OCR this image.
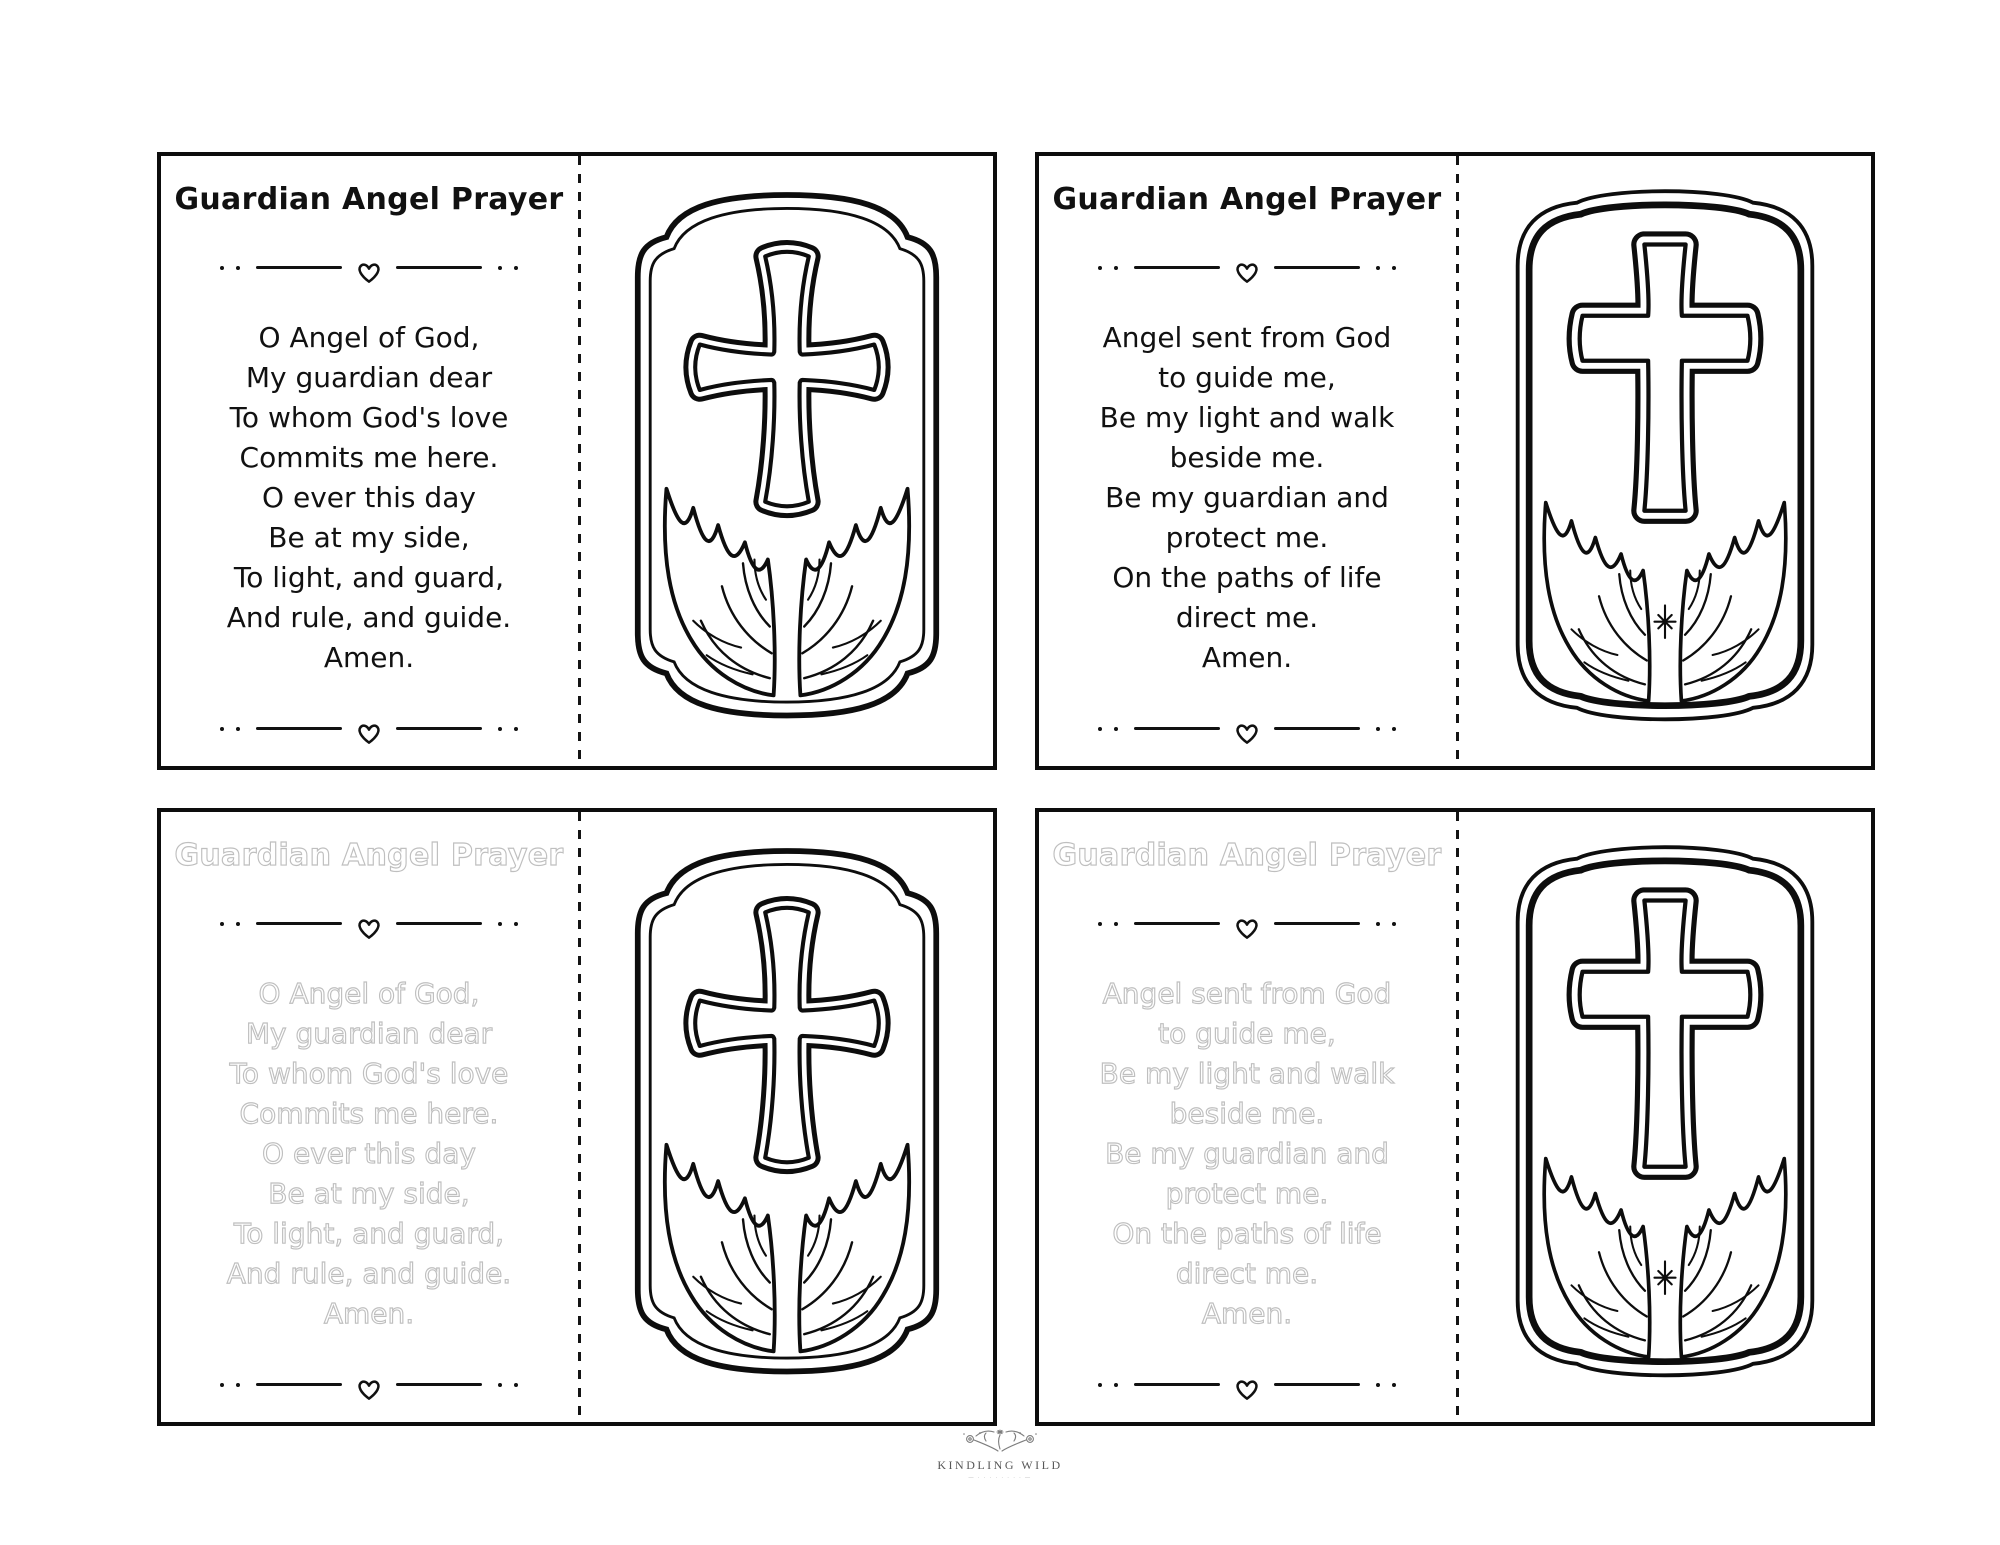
Guardian Angel Prayer
O Angel of God,
My guardian dear
To whom God's love
Commits me here.
O ever this day
Be at my side,
To light, and guard,
And rule, and guide.
Amen.
Guardian Angel Prayer
Angel sent from God
to guide me,
Be my light and walk
beside me.
Be my guardian and
protect me.
On the paths of life
direct me.
Amen.
Guardian Angel Prayer
O Angel of God,
My guardian dear
To whom God's love
Commits me here.
O ever this day
Be at my side,
To light, and guard,
And rule, and guide.
Amen.
Guardian Angel Prayer
Angel sent from God
to guide me,
Be my light and walk
beside me.
Be my guardian and
protect me.
On the paths of life
direct me.
Amen.
KINDLING WILD
— · · · · · · · · —
